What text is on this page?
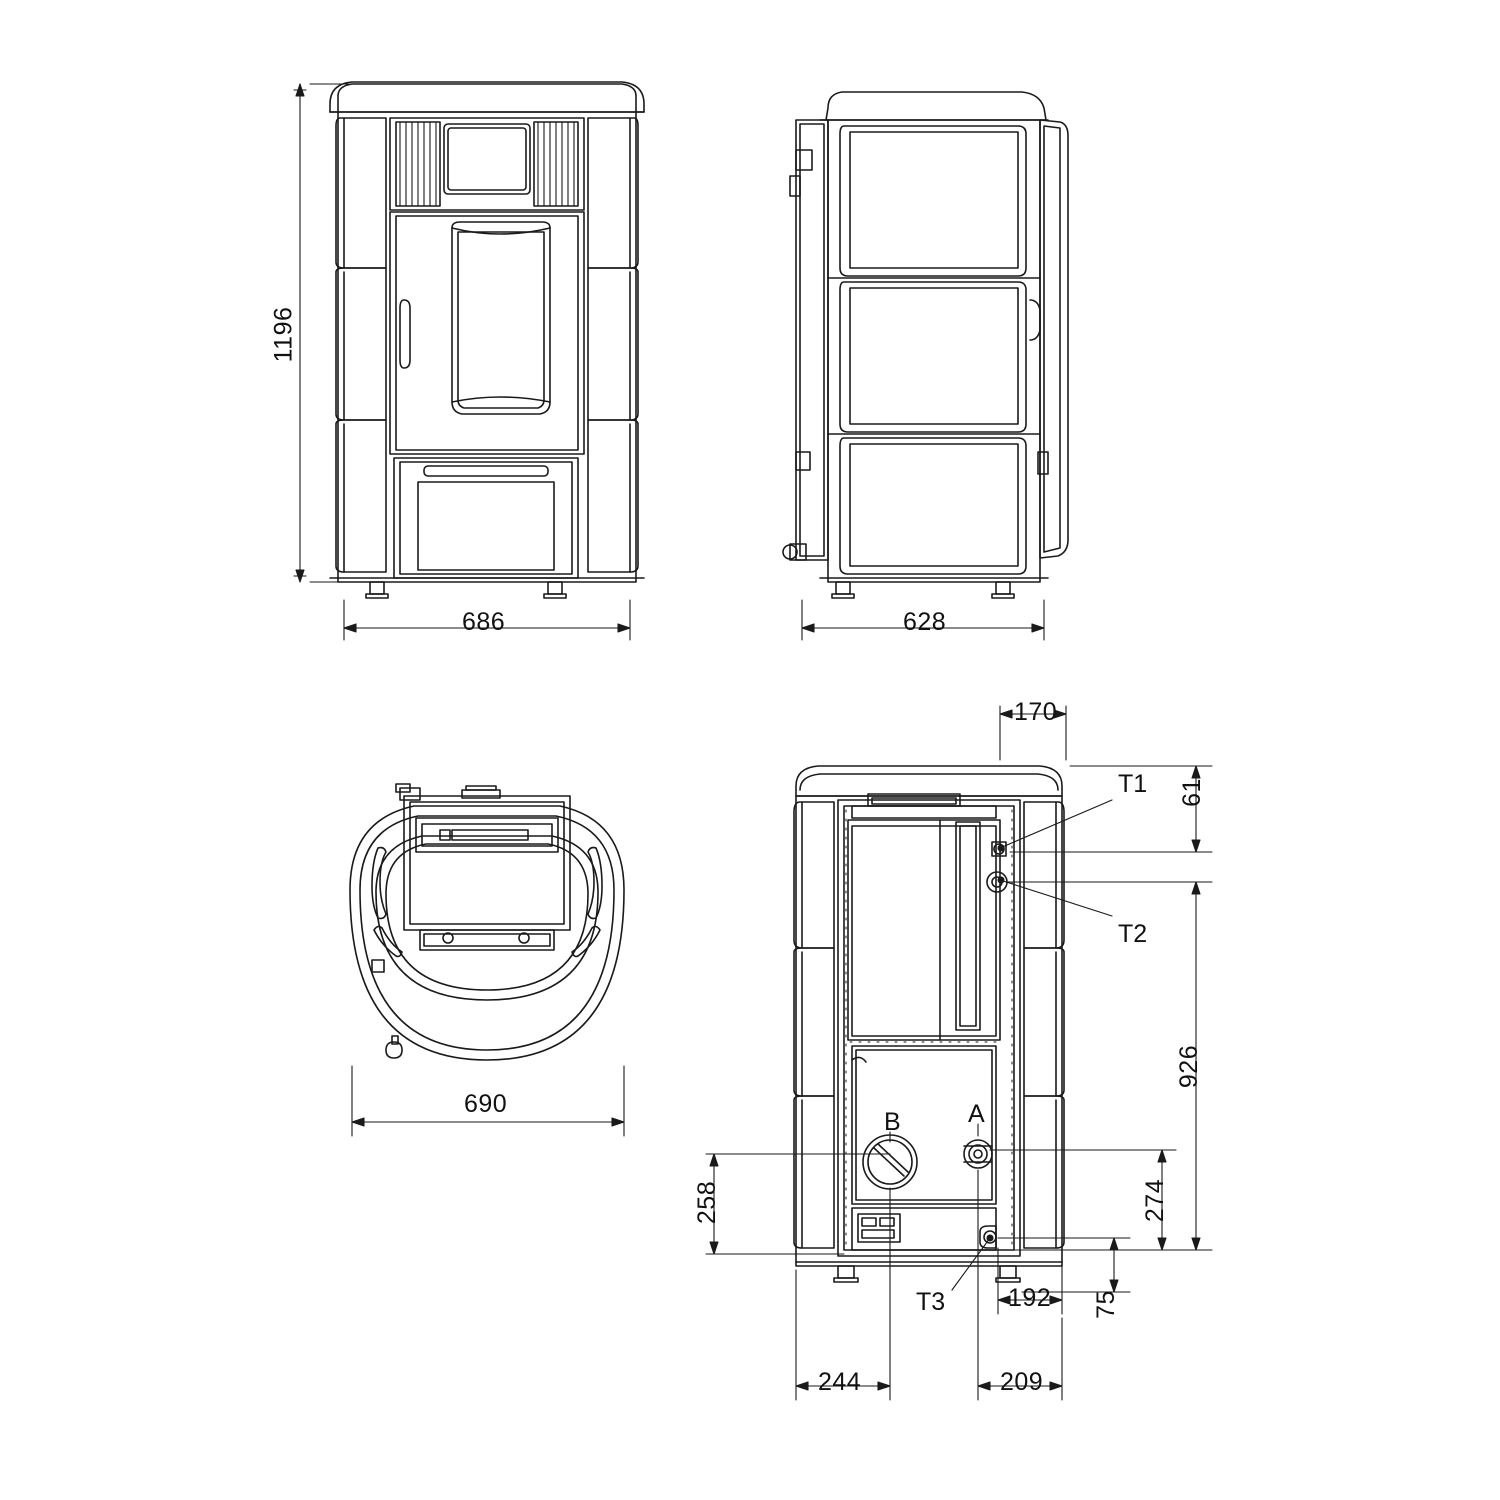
1196
686	628
690
170
61
926
274
258
75
192
244	209
T1
T2
T3
B	A
